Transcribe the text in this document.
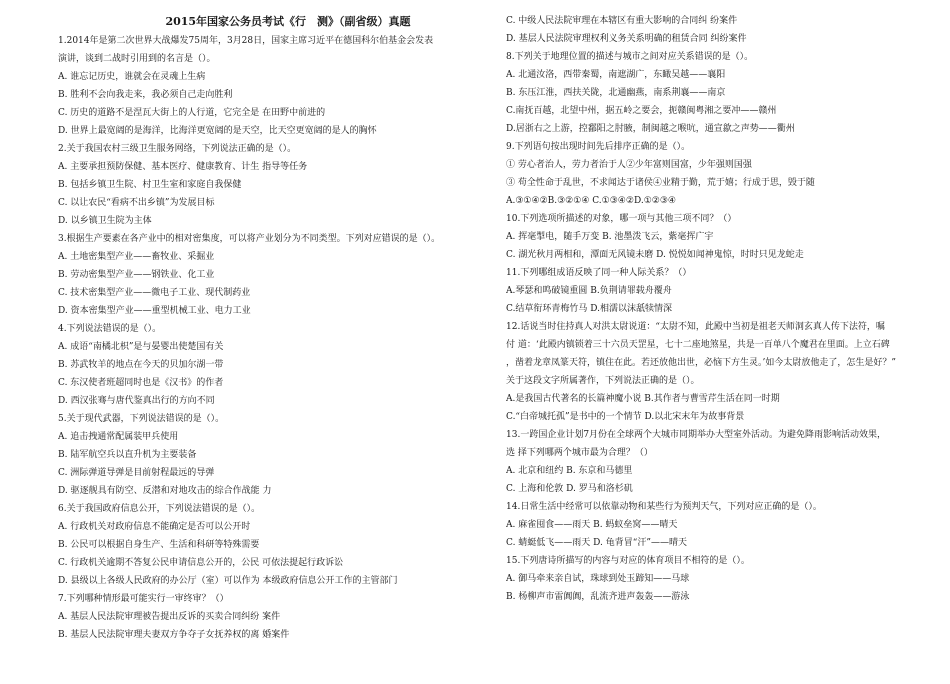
2015年国家公务员考试《行　测》（副省级）真题
1.2014年是第二次世界大战爆发75周年，3月28日，国家主席习近平在德国科尔伯基金会发表
演讲，谈到二战时引用到的名言是（）。
A. 谁忘记历史，谁就会在灵魂上生病
B. 胜利不会向我走来，我必须自己走向胜利
C. 历史的道路不是涅瓦大街上的人行道，它完全是 在田野中前进的
D. 世界上最宽阔的是海洋，比海洋更宽阔的是天空，比天空更宽阔的是人的胸怀
2.关于我国农村三级卫生服务网络，下列说法正确的是（）。
A. 主要承担预防保健、基本医疗、健康教育、计生 指导等任务
B. 包括乡镇卫生院、村卫生室和家庭自我保健
C. 以让农民“看病不出乡镇”为发展目标
D. 以乡镇卫生院为主体
3.根据生产要素在各产业中的相对密集度，可以将产业划分为不同类型。下列对应错误的是（）。
A. 土地密集型产业——畜牧业、采掘业
B. 劳动密集型产业——钢铁业、化工业
C. 技术密集型产业——微电子工业、现代制药业
D. 资本密集型产业——重型机械工业、电力工业
4.下列说法错误的是（）。
A. 成语“南橘北枳”是与晏婴出使楚国有关
B. 苏武牧羊的地点在今天的贝加尔湖一带
C. 东汉使者班超同时也是《汉书》的作者
D. 西汉张骞与唐代鉴真出行的方向不同
5.关于现代武器，下列说法错误的是（）。
A. 追击拽通常配属装甲兵使用
B. 陆军航空兵以直升机为主要装备
C. 洲际弹道导弹是目前射程最远的导弹
D. 驱逐舰具有防空、反潜和对地攻击的综合作战能 力
6.关于我国政府信息公开，下列说法错误的是（）。
A. 行政机关对政府信息不能确定是否可以公开时
B. 公民可以根据自身生产、生活和科研等特殊需要
C. 行政机关逾期不答复公民申请信息公开的，公民 可依法提起行政诉讼
D. 县级以上各级人民政府的办公厅（室）可以作为 本级政府信息公开工作的主管部门
7.下列哪种情形最可能实行一审终审？（）
A. 基层人民法院审理被告提出反诉的买卖合同纠纷 案件
B. 基层人民法院审理夫妻双方争夺子女抚养权的离 婚案件
C. 中级人民法院审理在本辖区有重大影响的合同纠 纷案件
D. 基层人民法院审理权利义务关系明确的租赁合同 纠纷案件
8.下列关于地理位置的描述与城市之间对应关系错误的是（）。
A. 北通汝洛，西带秦蜀，南遮湖广，东瞰吴越——襄阳
B. 东压江淮，西扶关陇，北通幽燕，南系荆襄——南京
C.南抚百越，北望中州，据五岭之要会，扼赣闽粤湘之要冲——赣州
D.居浙右之上游，控鄱阳之肘腋，制闽越之喉吭，通宣歙之声势——衢州
9.下列语句按出现时间先后排序正确的是（）。
① 劳心者治人，劳力者治于人②少年富则国富，少年强则国强
③ 苟全性命于乱世，不求闻达于诸侯④业精于勤，荒于嬉；行成于思，毁于随
A.③①④②B.③②①④ C.①③④②D.①②③④
10.下列选项所描述的对象，哪一项与其他三项不同？（）
A. 挥毫掣电，随手万变 B. 池墨泼飞云，紫毫挥广宇
C. 湖光秋月两相和，潭面无风镜未磨 D. 悦悦如闻神鬼惊，时时只见龙蛇走
11.下列哪组成语反映了同一种人际关系？（）
A.琴瑟和鸣破镜重圆 B.负荆请罪载舟覆舟
C.结草衔环青梅竹马 D.相濡以沫舐犊情深
12.话说当时住持真人对洪太尉说道：“太尉不知，此殿中当初是祖老天师洞玄真人传下法符，嘱
付 道：‘此殿内镇锁着三十六员天罡星，七十二座地煞星，共是一百单八个魔君在里面。上立石碑
，凿着龙章凤篆天符，镇住在此。若还放他出世，必恼下方生灵。’如今太尉放他走了，怎生是好？”
关于这段文字所属著作，下列说法正确的是（）。
A.是我国古代著名的长篇神魔小说 B.其作者与曹雪芹生活在同一时期
C.“白帝城托孤”是书中的一个情节 D.以北宋末年为故事背景
13.一跨国企业计划7月份在全球两个大城市同期举办大型室外活动。为避免降雨影响活动效果，
选 择下列哪两个城市最为合理？（）
A. 北京和纽约 B. 东京和马德里
C. 上海和伦敦 D. 罗马和洛杉矶
14.日常生活中经常可以依靠动物和某些行为预判天气，下列对应正确的是（）。
A. 麻雀囤食——雨天 B. 蚂蚁垒窝——晴天
C. 蜻蜓低飞——雨天 D. 龟背冒“汗”——晴天
15.下列唐诗所描写的内容与对应的体育项目不相符的是（）。
A. 御马牵来亲自试，珠球到处玉蹄知——马球
B. 杨柳声市雷阗阗，乱流齐进声轰轰——游泳
